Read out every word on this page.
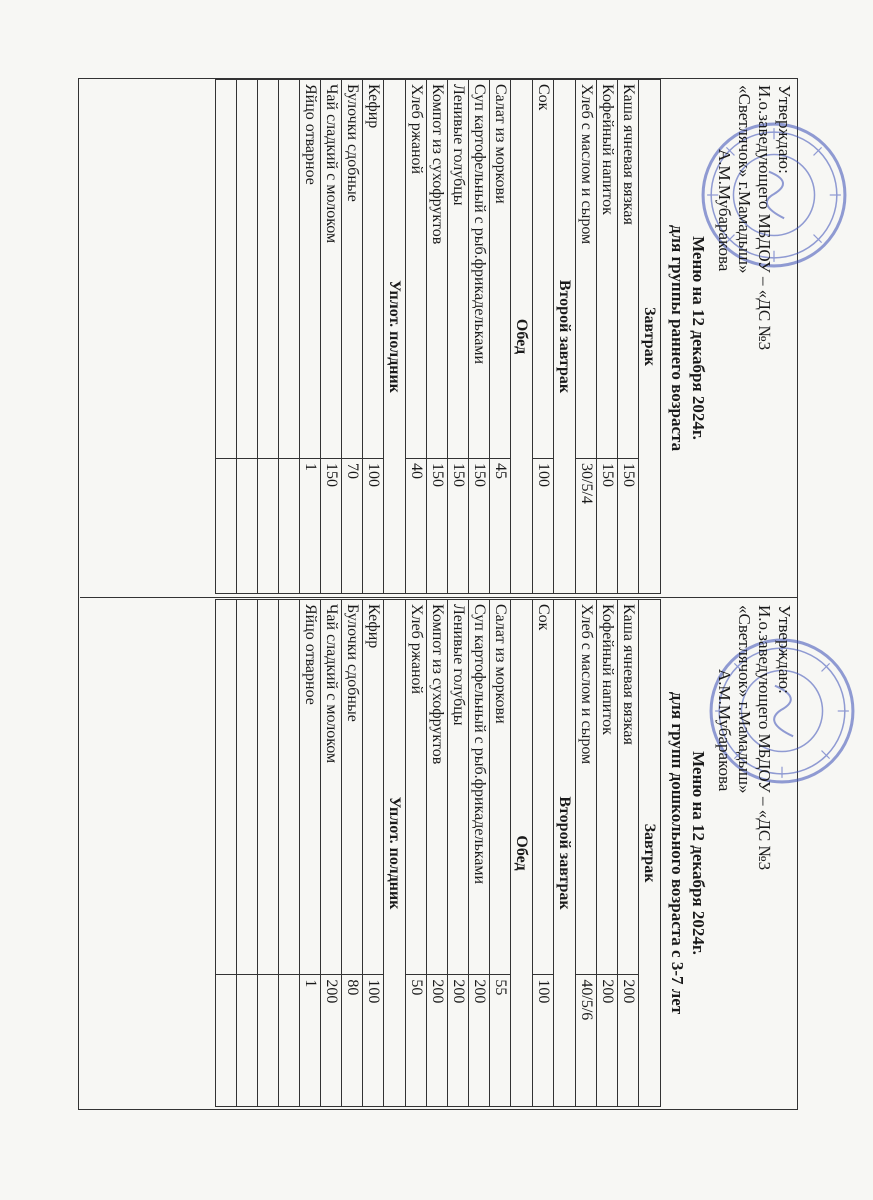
Утверждаю:
И.о.заведующего МБДОУ – «ДС №3
«Светлячок» г.Мамадыш»
А.М.Мубаракова
Меню на 12 декабря 2024г.
для группы раннего возраста
Завтрак	
Каша ячневая вязкая	150
Кофейный напиток	150
Хлеб с маслом и сыром	30/5/4
Второй завтрак	
Сок	100
Обед	
Салат из моркови	45
Суп картофельный с рыб.фрикадельками	150
Ленивые голубцы	150
Компот из сухофруктов	150
Хлеб ржаной	40
Уплот. полдник	
Кефир	100
Булочки сдобные	70
Чай сладкий с молоком	150
Яйцо отварное	1

Утверждаю:
И.о.заведующего МБДОУ – «ДС №3
«Светлячок» г.Мамадыш»
А.М.Мубаракова
Меню на 12 декабря 2024г.
для групп дошкольного возраста с 3-7 лет
Завтрак	
Каша ячневая вязкая	200
Кофейный напиток	200
Хлеб с маслом и сыром	40/5/6
Второй завтрак	
Сок	100
Обед	
Салат из моркови	55
Суп картофельный с рыб.фрикадельками	200
Ленивые голубцы	200
Компот из сухофруктов	200
Хлеб ржаной	50
Уплот. полдник	
Кефир	100
Булочки сдобные	80
Чай сладкий с молоком	200
Яйцо отварное	1
